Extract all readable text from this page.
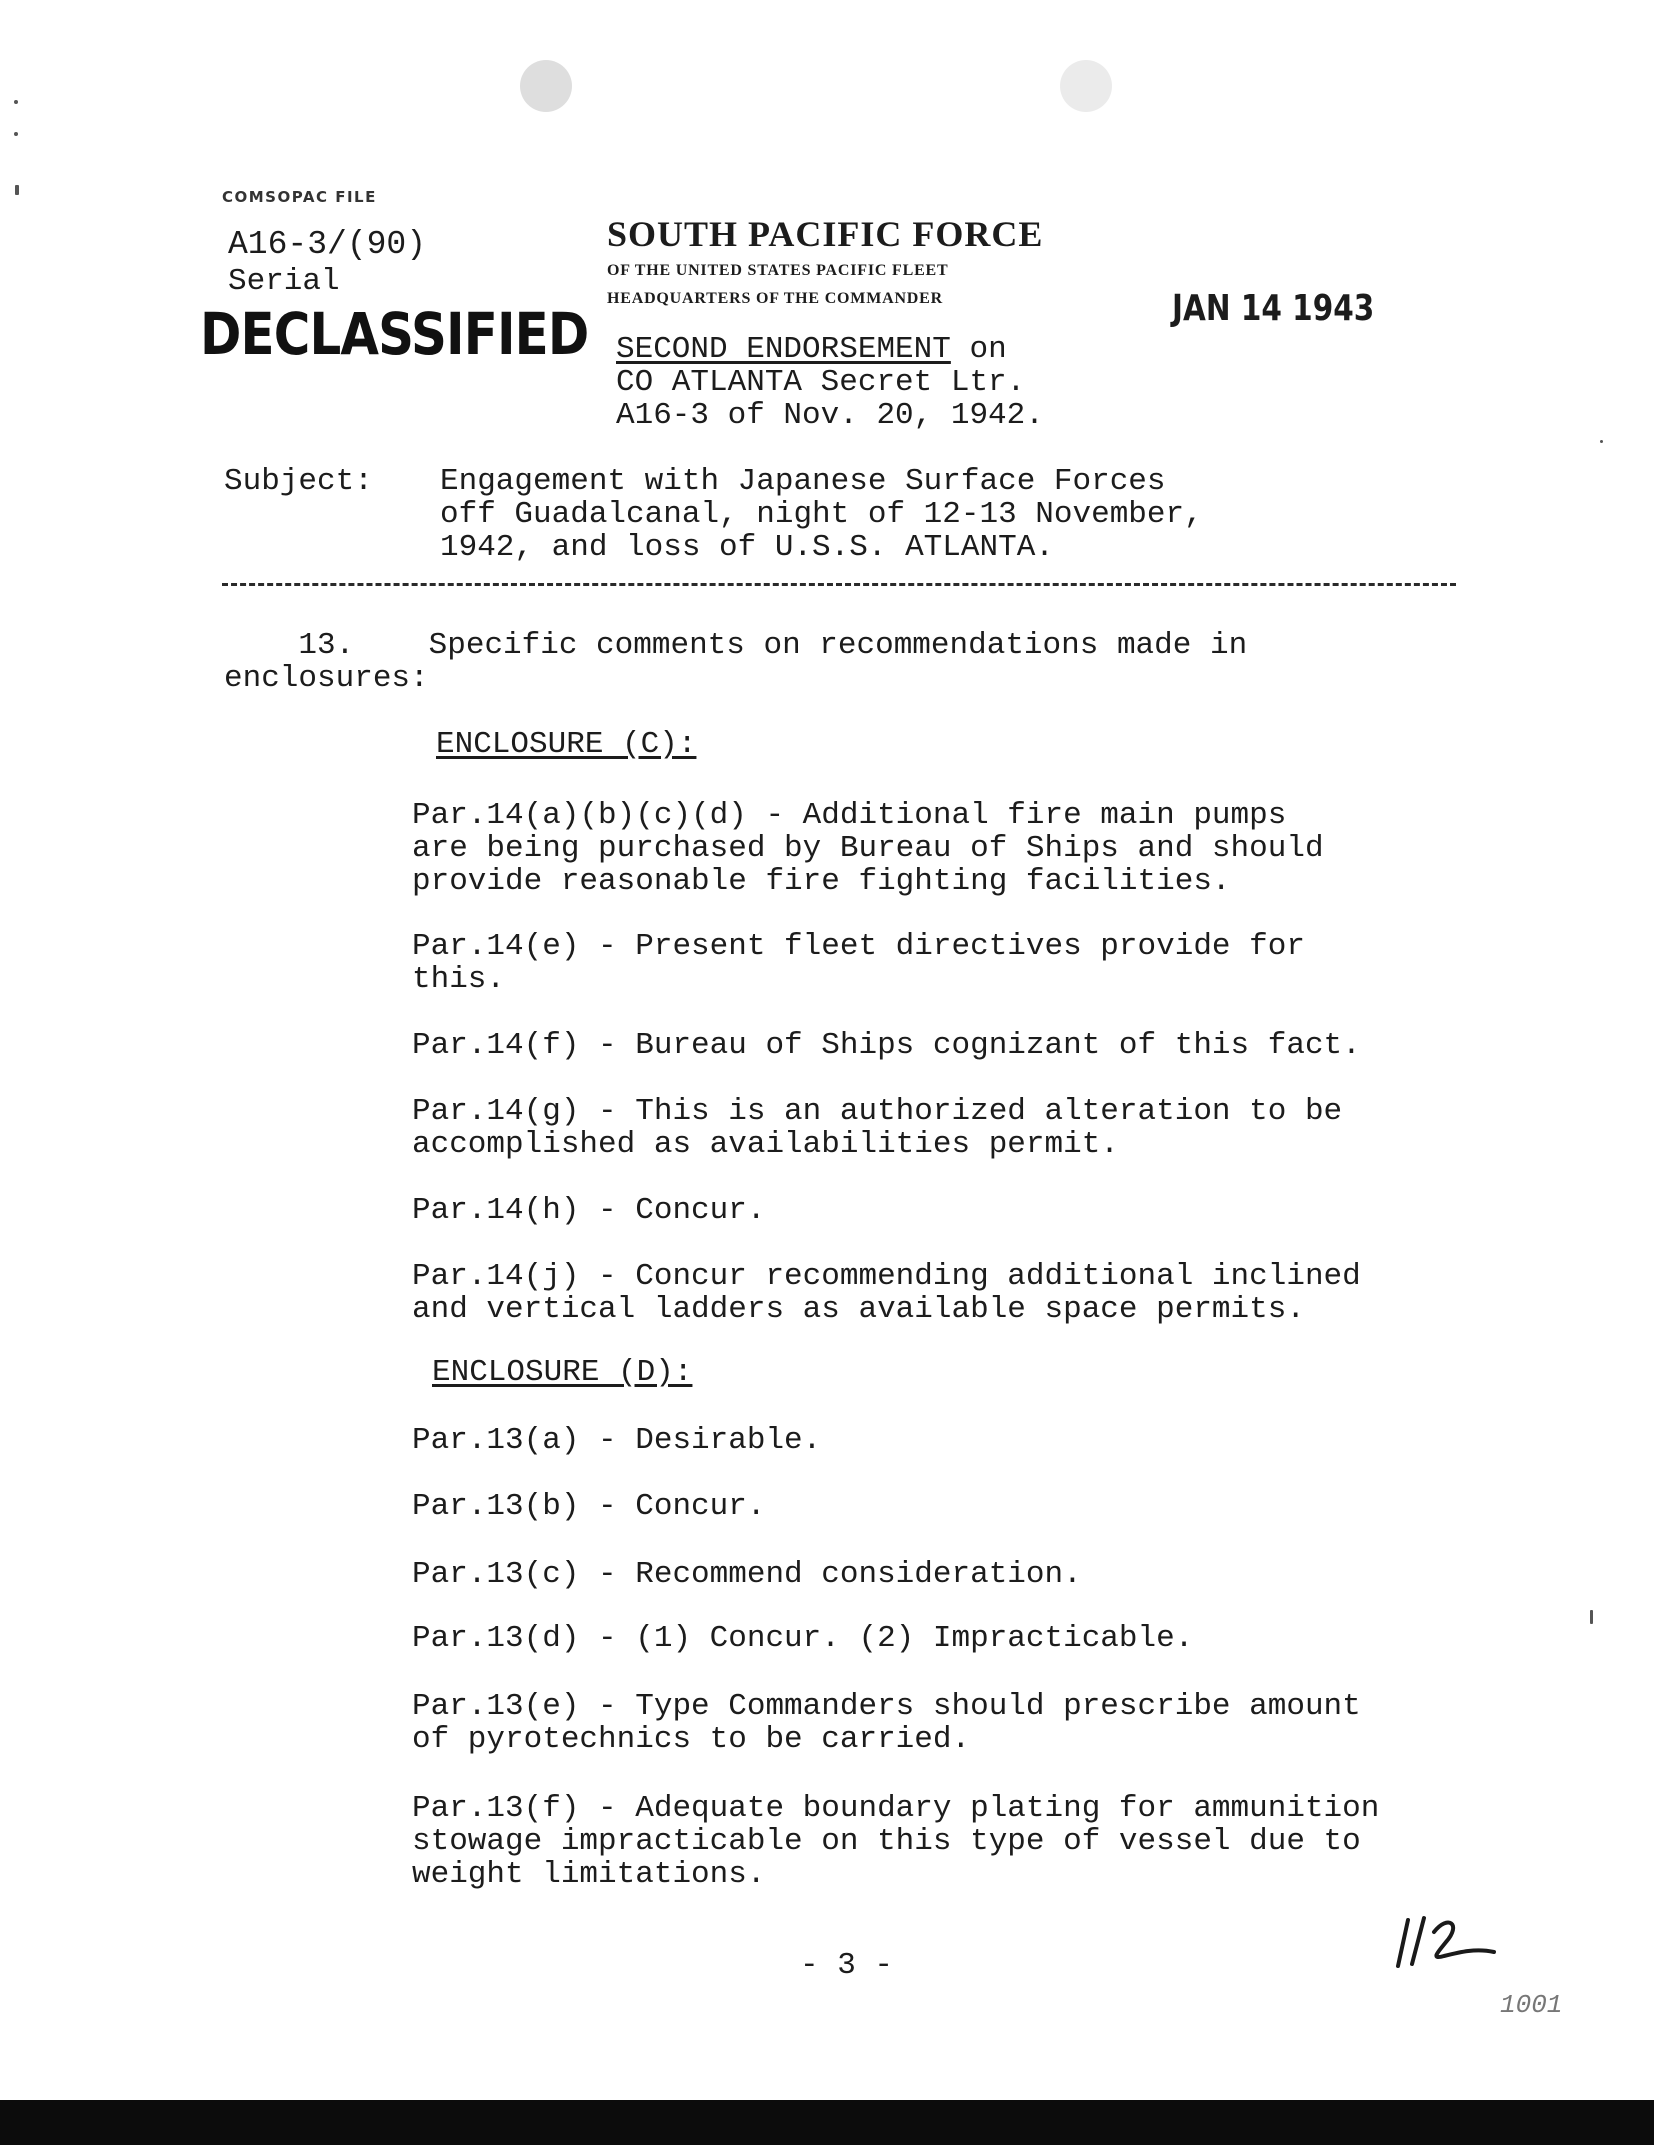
COMSOPAC FILE
A16-3/(90)
Serial
DECLASSIFIED
SOUTH PACIFIC FORCE
OF THE UNITED STATES PACIFIC FLEET
HEADQUARTERS OF THE COMMANDER	JAN 14 1943
SECOND ENDORSEMENT on
CO ATLANTA Secret Ltr.
A16-3 of Nov. 20, 1942.
Subject: Engagement with Japanese Surface Forces
off Guadalcanal, night of 12-13 November,
1942, and loss of U.S.S. ATLANTA.
13.    Specific comments on recommendations made in
enclosures:
ENCLOSURE (C):
Par.14(a)(b)(c)(d) - Additional fire main pumps
are being purchased by Bureau of Ships and should
provide reasonable fire fighting facilities.
Par.14(e) - Present fleet directives provide for
this.
Par.14(f) - Bureau of Ships cognizant of this fact.
Par.14(g) - This is an authorized alteration to be
accomplished as availabilities permit.
Par.14(h) - Concur.
Par.14(j) - Concur recommending additional inclined
and vertical ladders as available space permits.
ENCLOSURE (D):
Par.13(a) - Desirable.
Par.13(b) - Concur.
Par.13(c) - Recommend consideration.
Par.13(d) - (1) Concur. (2) Impracticable.
Par.13(e) - Type Commanders should prescribe amount
of pyrotechnics to be carried.
Par.13(f) - Adequate boundary plating for ammunition
stowage impracticable on this type of vessel due to
weight limitations.
- 3 -
1001
